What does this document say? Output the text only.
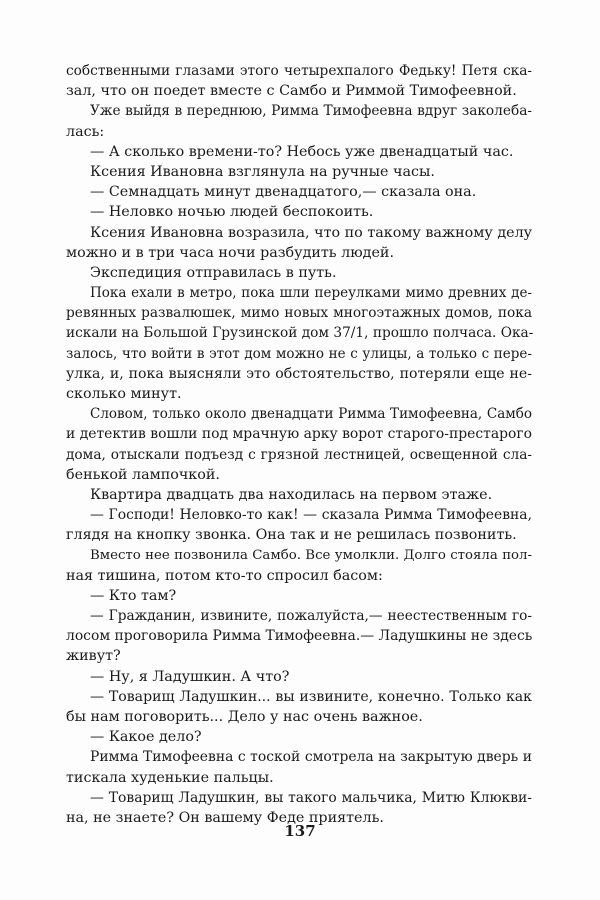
собственными глазами этого четырехпалого Федьку! Петя ска-
зал, что он поедет вместе с Самбо и Риммой Тимофеевной.
Уже выйдя в переднюю, Римма Тимофеевна вдруг заколеба-
лась:
— А сколько времени-то? Небось уже двенадцатый час.
Ксения Ивановна взглянула на ручные часы.
— Семнадцать минут двенадцатого,— сказала она.
— Неловко ночью людей беспокоить.
Ксения Ивановна возразила, что по такому важному делу
можно и в три часа ночи разбудить людей.
Экспедиция отправилась в путь.
Пока ехали в метро, пока шли переулками мимо древних де-
ревянных развалюшек, мимо новых многоэтажных домов, пока
искали на Большой Грузинской дом 37/1, прошло полчаса. Ока-
залось, что войти в этот дом можно не с улицы, а только с пере-
улка, и, пока выясняли это обстоятельство, потеряли еще не-
сколько минут.
Словом, только около двенадцати Римма Тимофеевна, Самбо
и детектив вошли под мрачную арку ворот старого-престарого
дома, отыскали подъезд с грязной лестницей, освещенной сла-
бенькой лампочкой.
Квартира двадцать два находилась на первом этаже.
— Господи! Неловко-то как! — сказала Римма Тимофеевна,
глядя на кнопку звонка. Она так и не решилась позвонить.
Вместо нее позвонила Самбо. Все умолкли. Долго стояла пол-
ная тишина, потом кто-то спросил басом:
— Кто там?
— Гражданин, извините, пожалуйста,— неестественным го-
лосом проговорила Римма Тимофеевна.— Ладушкины не здесь
живут?
— Ну, я Ладушкин. А что?
— Товарищ Ладушкин... вы извините, конечно. Только как
бы нам поговорить... Дело у нас очень важное.
— Какое дело?
Римма Тимофеевна с тоской смотрела на закрытую дверь и
тискала худенькие пальцы.
— Товарищ Ладушкин, вы такого мальчика, Митю Клюкви-
на, не знаете? Он вашему Феде приятель.
137
